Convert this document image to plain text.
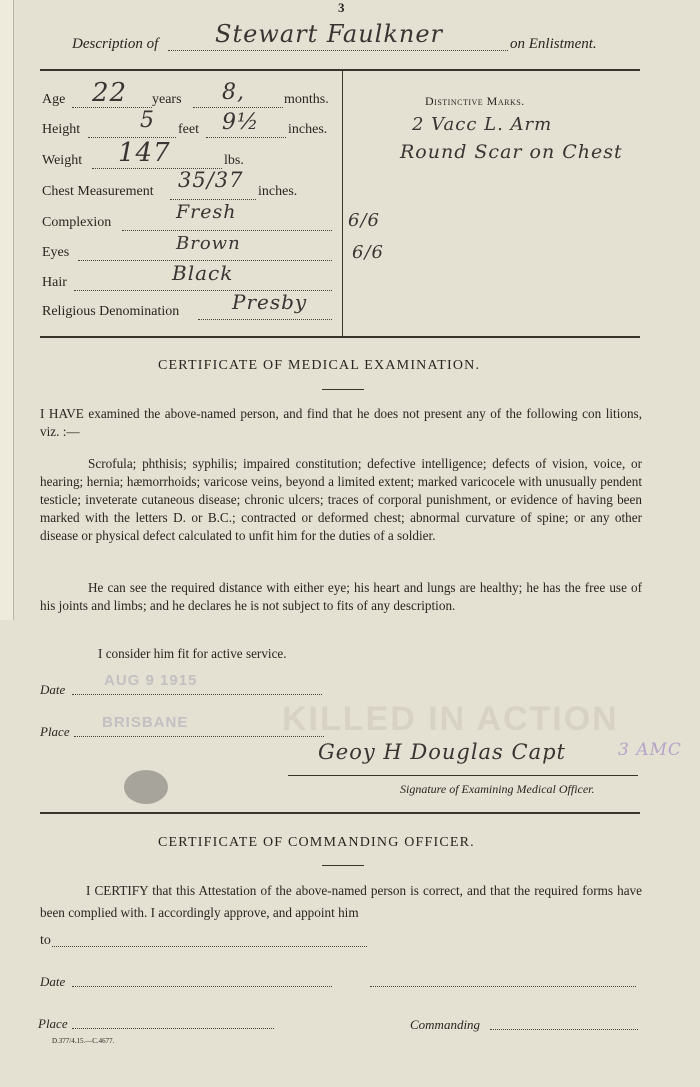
KILLED IN ACTION
3
Description of Stewart Faulkner	on Enlistment.
Age 22 years 8,	months.
Height	5 feet 9½ inches.
Weight 147	lbs.
Chest Measurement 35/37 inches.
Complexion	Fresh
Eyes	Brown
Hair	Black
Religious Denomination	Presby
6/6
6/6
Distinctive Marks.
2 Vacc L. Arm
Round Scar on Chest
CERTIFICATE OF MEDICAL EXAMINATION.
I HAVE examined the above-named person, and find that he does not present any of the following con litions, viz. :—
Scrofula; phthisis; syphilis; impaired constitution; defective intelligence; defects of vision, voice, or hearing; hernia; hæmorrhoids; varicose veins, beyond a limited extent; marked varicocele with unusually pendent testicle; inveterate cutaneous disease; chronic ulcers; traces of corporal punishment, or evidence of having been marked with the letters D. or B.C.; contracted or deformed chest; abnormal curvature of spine; or any other disease or physical defect calculated to unfit him for the duties of a soldier.
He can see the required distance with either eye; his heart and lungs are healthy; he has the free use of his joints and limbs; and he declares he is not subject to fits of any description.
I consider him fit for active service.
Date
AUG 9 1915
Place
BRISBANE
Geoy H Douglas Capt	3 AMC
Signature of Examining Medical Officer.
CERTIFICATE OF COMMANDING OFFICER.
I CERTIFY that this Attestation of the above-named person is correct, and that the required forms have been complied with. I accordingly approve, and appoint him
to
Date
Place	Commanding
D.377/4.15.—C.4677.
